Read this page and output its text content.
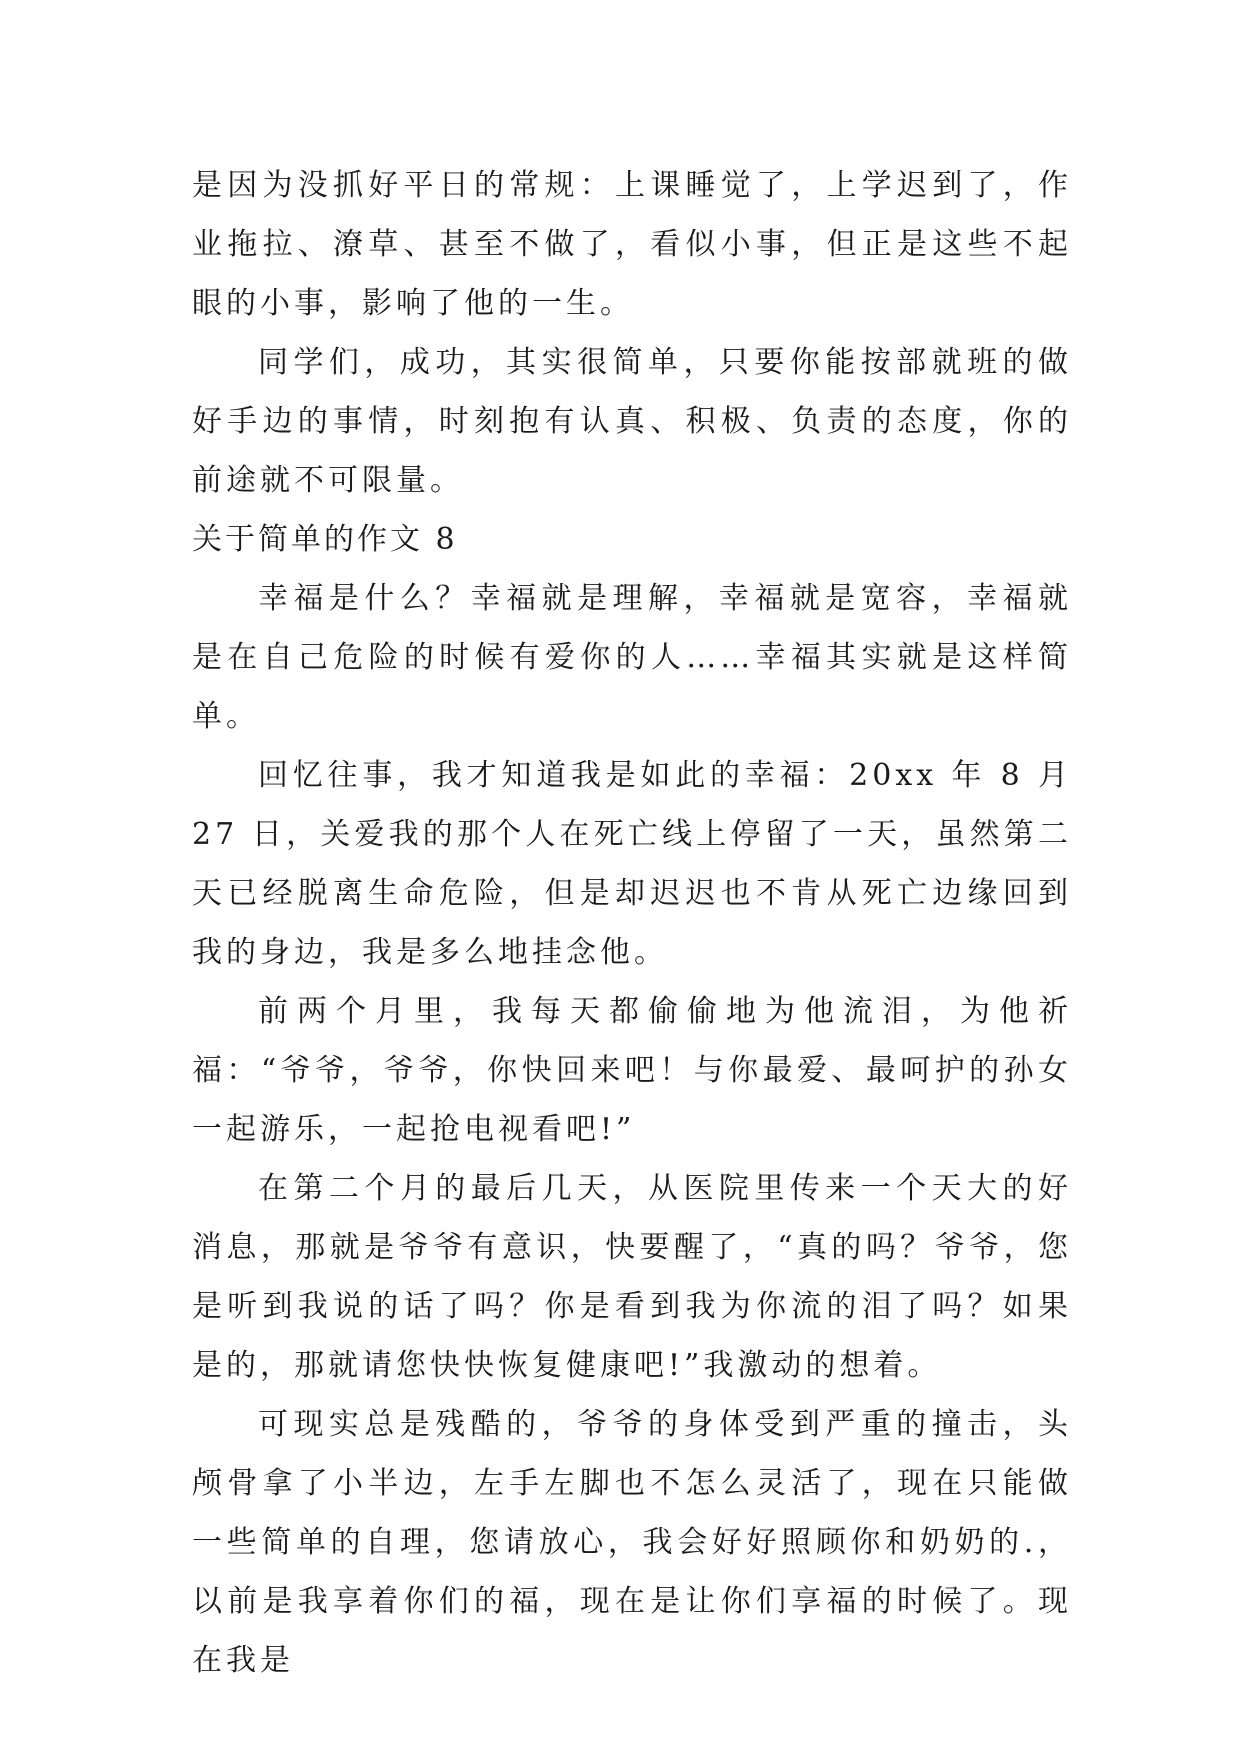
是因为没抓好平日的常规：上课睡觉了，上学迟到了，作业拖拉、潦草、甚至不做了，看似小事，但正是这些不起眼的小事，影响了他的一生。

同学们，成功，其实很简单，只要你能按部就班的做好手边的事情，时刻抱有认真、积极、负责的态度，你的前途就不可限量。

关于简单的作文 8

幸福是什么？幸福就是理解，幸福就是宽容，幸福就是在自己危险的时候有爱你的人……幸福其实就是这样简单。

回忆往事，我才知道我是如此的幸福：20xx 年 8 月 27 日，关爱我的那个人在死亡线上停留了一天，虽然第二天已经脱离生命危险，但是却迟迟也不肯从死亡边缘回到我的身边，我是多么地挂念他。

前两个月里，我每天都偷偷地为他流泪，为他祈福：“爷爷，爷爷，你快回来吧！与你最爱、最呵护的孙女一起游乐，一起抢电视看吧!”

在第二个月的最后几天，从医院里传来一个天大的好消息，那就是爷爷有意识，快要醒了，“真的吗？爷爷，您是听到我说的话了吗？你是看到我为你流的泪了吗？如果是的，那就请您快快恢复健康吧!”我激动的想着。

可现实总是残酷的，爷爷的身体受到严重的撞击，头颅骨拿了小半边，左手左脚也不怎么灵活了，现在只能做一些简单的自理，您请放心，我会好好照顾你和奶奶的.，以前是我享着你们的福，现在是让你们享福的时候了。现在我是
